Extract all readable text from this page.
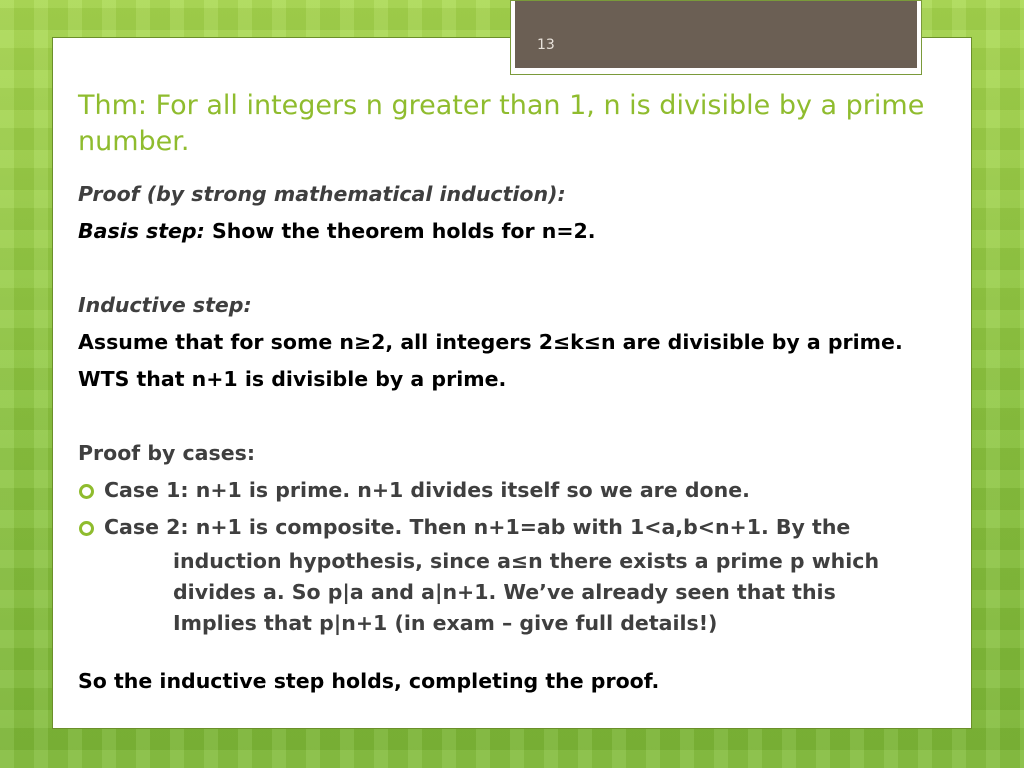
13
Thm: For all integers n greater than 1, n is divisible by a prime number.

Proof (by strong mathematical induction):

Basis step: Show the theorem holds for n=2.

Inductive step:

Assume that for some n≥2, all integers 2≤k≤n are divisible by a prime.

WTS that n+1 is divisible by a prime.

Proof by cases:

Case 1: n+1 is prime. n+1 divides itself so we are done.
Case 2: n+1 is composite. Then n+1=ab with 1<a,b<n+1. By the
induction hypothesis, since a≤n there exists a prime p which
divides a. So p|a and a|n+1. We’ve already seen that this
Implies that p|n+1 (in exam – give full details!)

So the inductive step holds, completing the proof.
